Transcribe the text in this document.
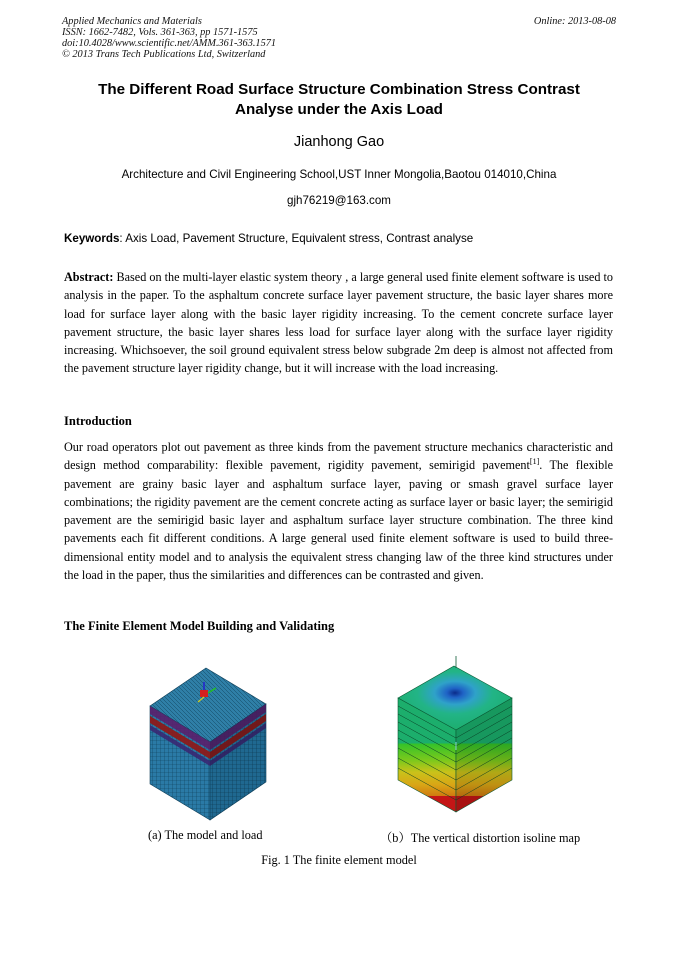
Applied Mechanics and Materials
ISSN: 1662-7482, Vols. 361-363, pp 1571-1575
doi:10.4028/www.scientific.net/AMM.361-363.1571
© 2013 Trans Tech Publications Ltd, Switzerland
Online: 2013-08-08
The Different Road Surface Structure Combination Stress Contrast
Analyse under the Axis Load
Jianhong Gao
Architecture and Civil Engineering School,UST Inner Mongolia,Baotou 014010,China
gjh76219@163.com
Keywords: Axis Load, Pavement Structure, Equivalent stress, Contrast analyse

Abstract: Based on the multi-layer elastic system theory , a large general used finite element software is used to analysis in the paper. To the asphaltum concrete surface layer pavement structure, the basic layer shares more load for surface layer along with the basic layer rigidity increasing. To the cement concrete surface layer pavement structure, the basic layer shares less load for surface layer along with the surface layer rigidity increasing. Whichsoever, the soil ground equivalent stress below subgrade 2m deep is almost not affected from the pavement structure layer rigidity change, but it will increase with the load increasing.

Introduction

Our road operators plot out pavement as three kinds from the pavement structure mechanics characteristic and design method comparability: flexible pavement, rigidity pavement, semirigid pavement[1]. The flexible pavement are grainy basic layer and asphaltum surface layer, paving or smash gravel surface layer combinations; the rigidity pavement are the cement concrete acting as surface layer or basic layer; the semirigid pavement are the semirigid basic layer and asphaltum surface layer structure combination. The three kind pavements each fit different conditions. A large general used finite element software is used to build three-dimensional entity model and to analysis the equivalent stress changing law of the three kind structures under the load in the paper, thus the similarities and differences can be contrasted and given.

The Finite Element Model Building and Validating
(a) The model and load	（b）The vertical distortion isoline map
Fig. 1 The finite element model
